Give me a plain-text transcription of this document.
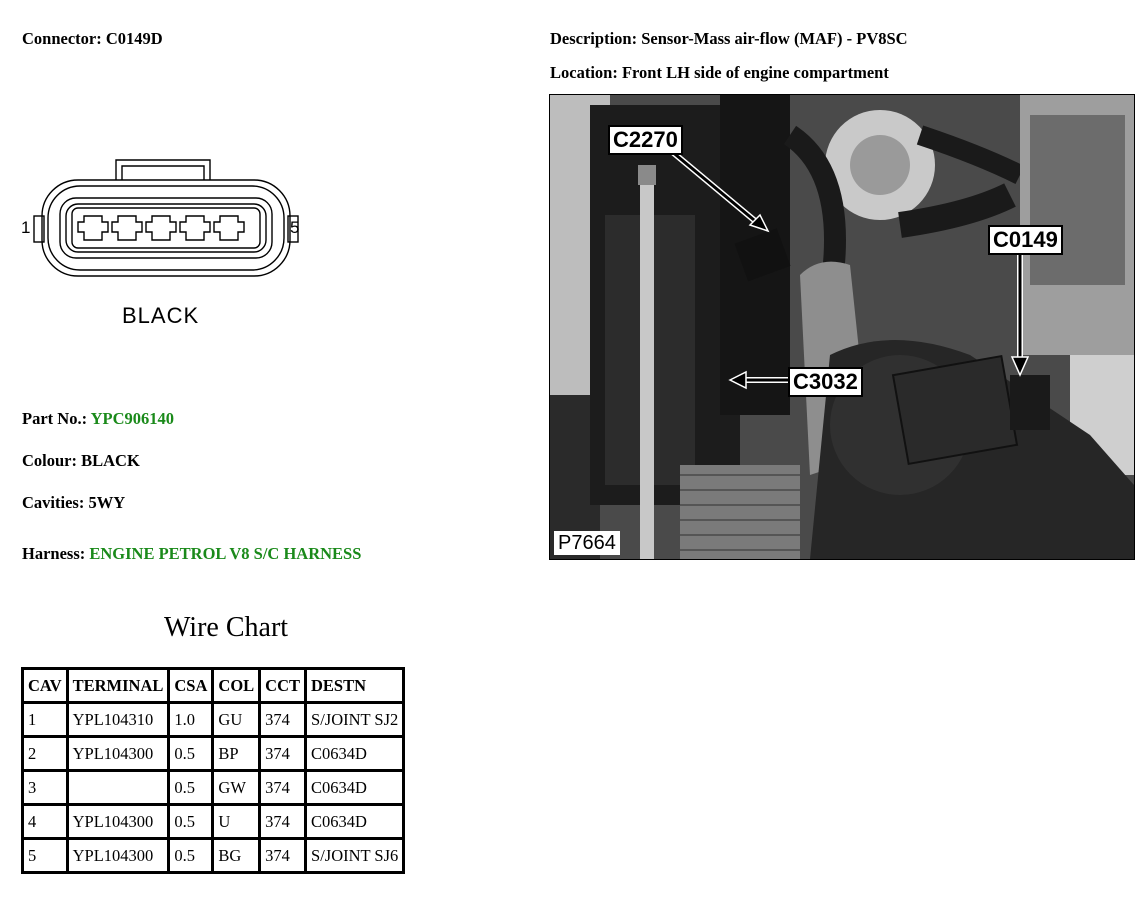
Connector: C0149D	Description: Sensor-Mass air-flow (MAF) - PV8SC
Location: Front LH side of engine compartment
1	5
BLACK
Part No.: YPC906140
Colour: BLACK
Cavities: 5WY
Harness: ENGINE PETROL V8 S/C HARNESS
Wire Chart
CAV	TERMINAL	CSA	COL	CCT	DESTN
1	YPL104310	1.0	GU	374	S/JOINT SJ2
2	YPL104300	0.5	BP	374	C0634D
3		0.5	GW	374	C0634D
4	YPL104300	0.5	U	374	C0634D
5	YPL104300	0.5	BG	374	S/JOINT SJ6
C2270
C0149
C3032
P7664
